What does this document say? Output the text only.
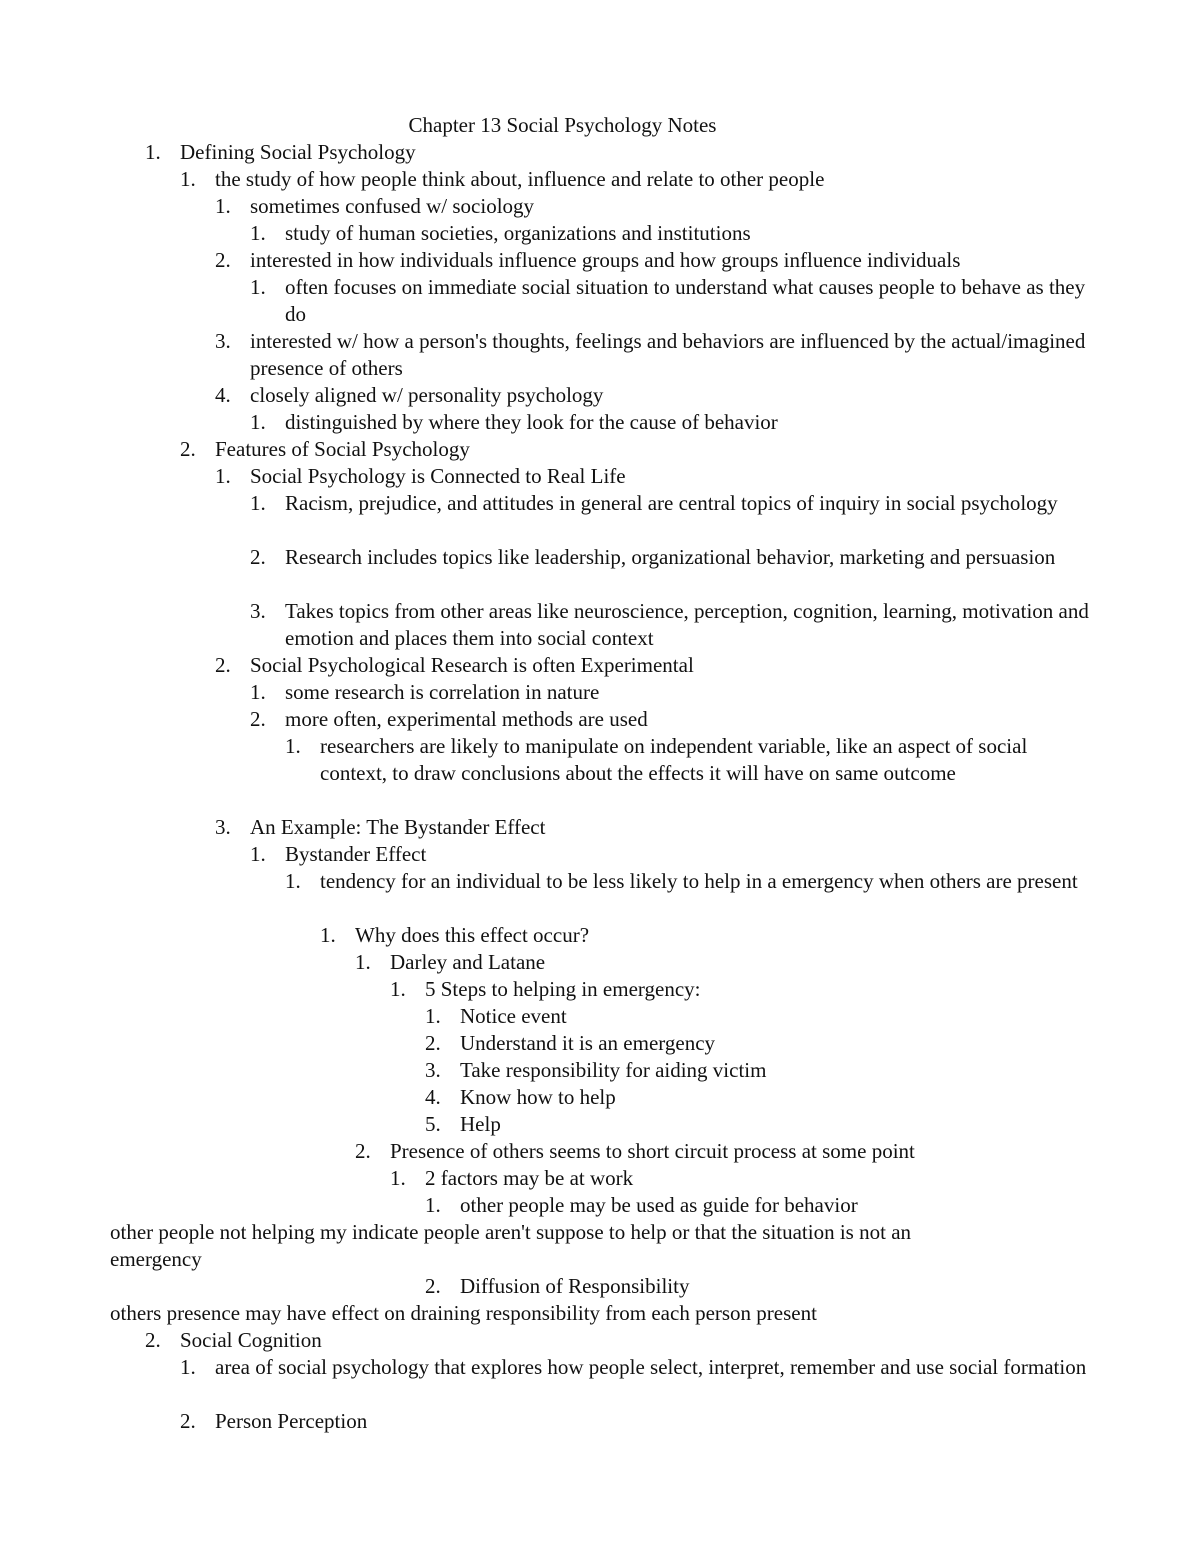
Chapter 13 Social Psychology Notes
1. Defining Social Psychology
1. the study of how people think about, influence and relate to other people
1. sometimes confused w/ sociology
1. study of human societies, organizations and institutions
2. interested in how individuals influence groups and how groups influence individuals
1. often focuses on immediate social situation to understand what causes people to behave as they do
3. interested w/ how a person's thoughts, feelings and behaviors are influenced by the actual/imagined presence of others
4. closely aligned w/ personality psychology
1. distinguished by where they look for the cause of behavior
2. Features of Social Psychology
1. Social Psychology is Connected to Real Life
1. Racism, prejudice, and attitudes in general are central topics of inquiry in social psychology
2. Research includes topics like leadership, organizational behavior, marketing and persuasion
3. Takes topics from other areas like neuroscience, perception, cognition, learning, motivation and emotion and places them into social context
2. Social Psychological Research is often Experimental
1. some research is correlation in nature
2. more often, experimental methods are used
1. researchers are likely to manipulate on independent variable, like an aspect of social context, to draw conclusions about the effects it will have on same outcome
3. An Example: The Bystander Effect
1. Bystander Effect
1. tendency for an individual to be less likely to help in a emergency when others are present
1. Why does this effect occur?
1. Darley and Latane
1. 5 Steps to helping in emergency:
1. Notice event
2. Understand it is an emergency
3. Take responsibility for aiding victim
4. Know how to help
5. Help
2. Presence of others seems to short circuit process at some point
1. 2 factors may be at work
1. other people may be used as guide for behavior
other people not helping my indicate people aren't suppose to help or that the situation is not an
emergency
2. Diffusion of Responsibility
others presence may have effect on draining responsibility from each person present
2. Social Cognition
1. area of social psychology that explores how people select, interpret, remember and use social formation
2. Person Perception
